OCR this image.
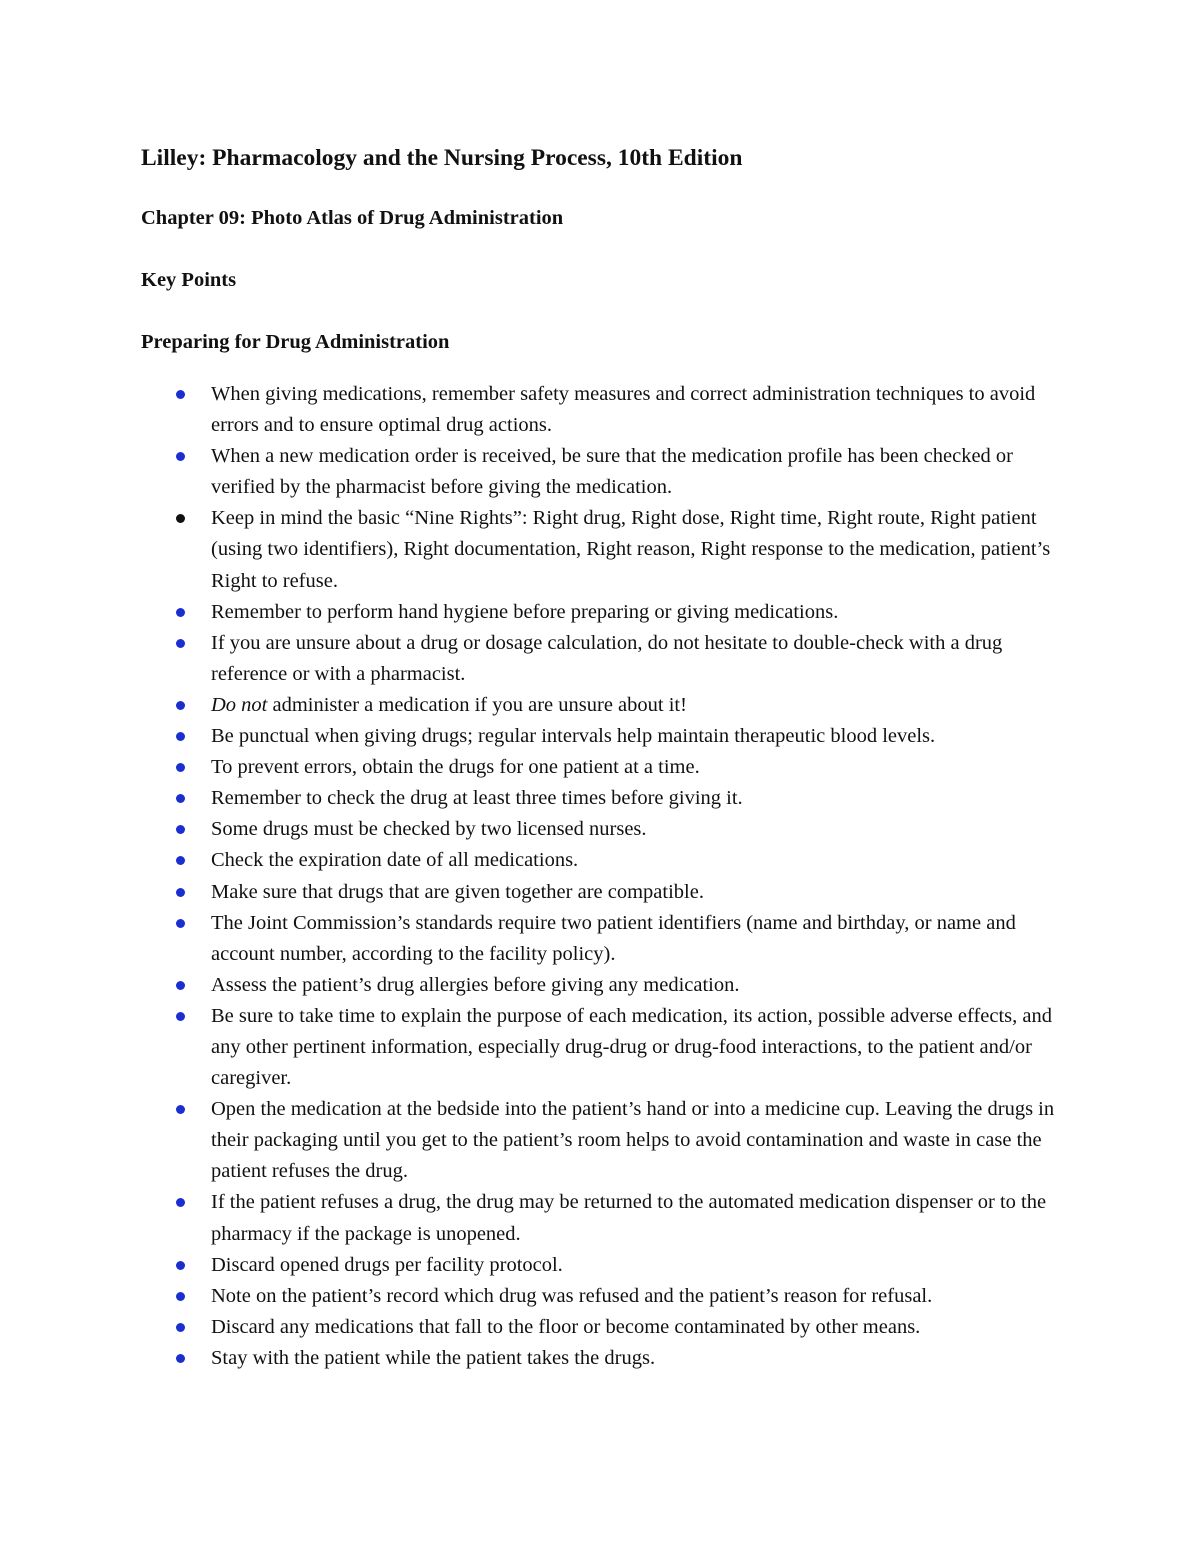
Lilley: Pharmacology and the Nursing Process, 10th Edition
Chapter 09: Photo Atlas of Drug Administration
Key Points
Preparing for Drug Administration
When giving medications, remember safety measures and correct administration techniques to avoid errors and to ensure optimal drug actions.
When a new medication order is received, be sure that the medication profile has been checked or verified by the pharmacist before giving the medication.
Keep in mind the basic “Nine Rights”: Right drug, Right dose, Right time, Right route, Right patient (using two identifiers), Right documentation, Right reason, Right response to the medication, patient’s Right to refuse.
Remember to perform hand hygiene before preparing or giving medications.
If you are unsure about a drug or dosage calculation, do not hesitate to double-check with a drug reference or with a pharmacist.
Do not administer a medication if you are unsure about it!
Be punctual when giving drugs; regular intervals help maintain therapeutic blood levels.
To prevent errors, obtain the drugs for one patient at a time.
Remember to check the drug at least three times before giving it.
Some drugs must be checked by two licensed nurses.
Check the expiration date of all medications.
Make sure that drugs that are given together are compatible.
The Joint Commission’s standards require two patient identifiers (name and birthday, or name and account number, according to the facility policy).
Assess the patient’s drug allergies before giving any medication.
Be sure to take time to explain the purpose of each medication, its action, possible adverse effects, and any other pertinent information, especially drug-drug or drug-food interactions, to the patient and/or caregiver.
Open the medication at the bedside into the patient’s hand or into a medicine cup. Leaving the drugs in their packaging until you get to the patient’s room helps to avoid contamination and waste in case the patient refuses the drug.
If the patient refuses a drug, the drug may be returned to the automated medication dispenser or to the pharmacy if the package is unopened.
Discard opened drugs per facility protocol.
Note on the patient’s record which drug was refused and the patient’s reason for refusal.
Discard any medications that fall to the floor or become contaminated by other means.
Stay with the patient while the patient takes the drugs.
